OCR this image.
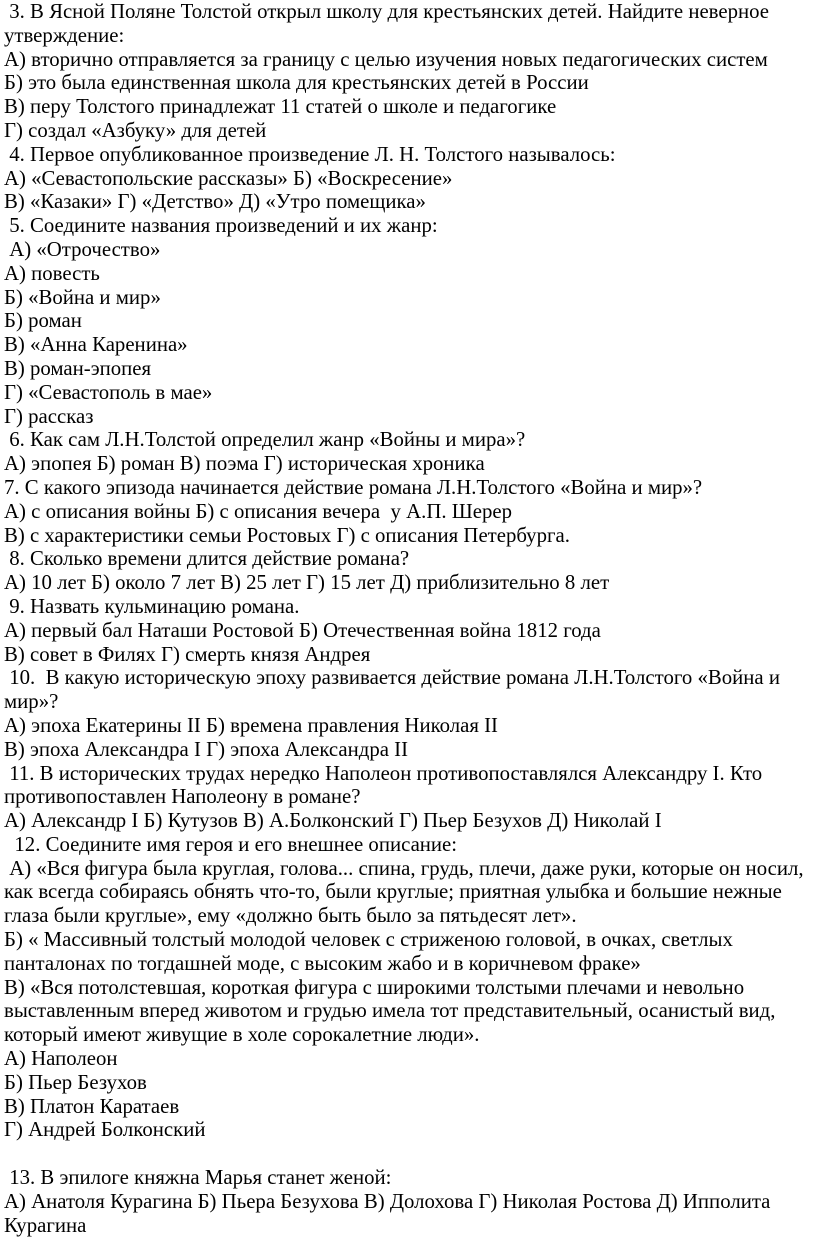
3. В Ясной Поляне Толстой открыл школу для крестьянских детей. Найдите неверное
утверждение:
А) вторично отправляется за границу с целью изучения новых педагогических систем
Б) это была единственная школа для крестьянских детей в России
В) перу Толстого принадлежат 11 статей о школе и педагогике
Г) создал «Азбуку» для детей
4. Первое опубликованное произведение Л. Н. Толстого называлось:
А) «Севастопольские рассказы» Б) «Воскресение»
В) «Казаки» Г) «Детство» Д) «Утро помещика»
5. Соедините названия произведений и их жанр:
А) «Отрочество»
А) повесть
Б) «Война и мир»
Б) роман
В) «Анна Каренина»
В) роман-эпопея
Г) «Севастополь в мае»
Г) рассказ
6. Как сам Л.Н.Толстой определил жанр «Войны и мира»?
А) эпопея Б) роман В) поэма Г) историческая хроника
7. С какого эпизода начинается действие романа Л.Н.Толстого «Война и мир»?
А) с описания войны Б) с описания вечера  у А.П. Шерер
В) с характеристики семьи Ростовых Г) с описания Петербурга.
8. Сколько времени длится действие романа?
А) 10 лет Б) около 7 лет В) 25 лет Г) 15 лет Д) приблизительно 8 лет
9. Назвать кульминацию романа.
А) первый бал Наташи Ростовой Б) Отечественная война 1812 года
В) совет в Филях Г) смерть князя Андрея
10.  В какую историческую эпоху развивается действие романа Л.Н.Толстого «Война и
мир»?
А) эпоха Екатерины II Б) времена правления Николая II
В) эпоха Александра I Г) эпоха Александра II
11. В исторических трудах нередко Наполеон противопоставлялся Александру I. Кто
противопоставлен Наполеону в романе?
А) Александр I Б) Кутузов В) А.Болконский Г) Пьер Безухов Д) Николай I
12. Соедините имя героя и его внешнее описание:
А) «Вся фигура была круглая, голова... спина, грудь, плечи, даже руки, которые он носил,
как всегда собираясь обнять что-то, были круглые; приятная улыбка и большие нежные
глаза были круглые», ему «должно быть было за пятьдесят лет».
Б) « Массивный толстый молодой человек с стриженою головой, в очках, светлых
панталонах по тогдашней моде, с высоким жабо и в коричневом фраке»
В) «Вся потолстевшая, короткая фигура с широкими толстыми плечами и невольно
выставленным вперед животом и грудью имела тот представительный, осанистый вид,
который имеют живущие в холе сорокалетние люди».
А) Наполеон
Б) Пьер Безухов
В) Платон Каратаев
Г) Андрей Болконский
13. В эпилоге княжна Марья станет женой:
А) Анатоля Курагина Б) Пьера Безухова В) Долохова Г) Николая Ростова Д) Ипполита
Курагина
